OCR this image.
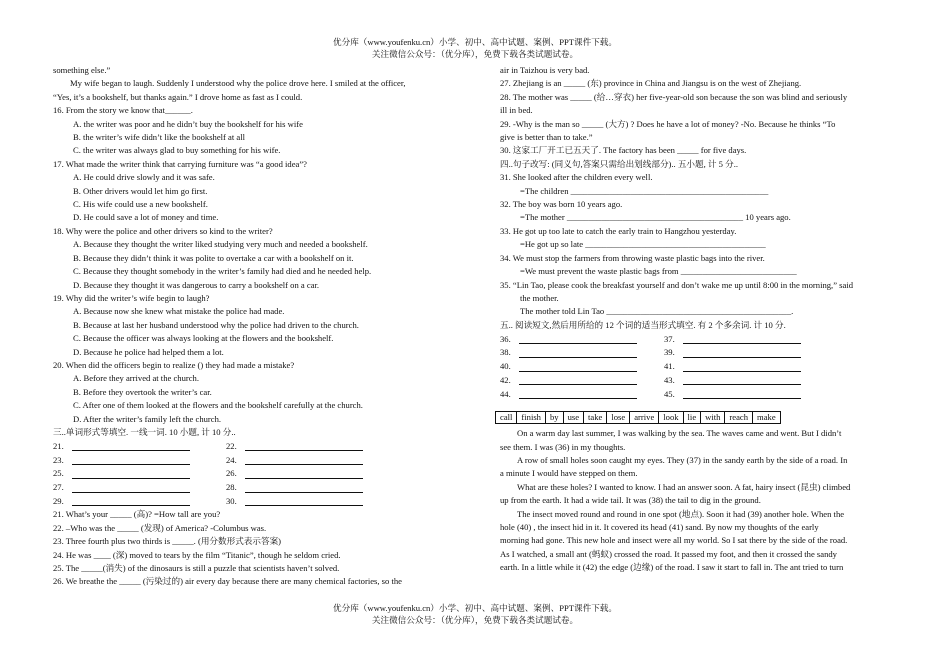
优分库（www.youfenku.cn）小学、初中、高中试题、案例、PPT课件下载。
关注微信公众号：（优分库），免费下载各类试题试卷。
something else.”
My wife began to laugh. Suddenly I understood why the police drove here. I smiled at the officer,
“Yes, it’s a bookshelf, but thanks again.” I drove home as fast as I could.
16. From the story we know that______.
A. the writer was poor and he didn’t buy the bookshelf for his wife
B. the writer’s wife didn’t like the bookshelf at all
C. the writer was always glad to buy something for his wife.
17. What made the writer think that carrying furniture was “a good idea”?
A. He could drive slowly and it was safe.
B. Other drivers would let him go first.
C. His wife could use a new bookshelf.
D. He could save a lot of money and time.
18. Why were the police and other drivers so kind to the writer?
A. Because they thought the writer liked studying very much and needed a bookshelf.
B. Because they didn’t think it was polite to overtake a car with a bookshelf on it.
C. Because they thought somebody in the writer’s family had died and he needed help.
D. Because they thought it was dangerous to carry a bookshelf on a car.
19. Why did the writer’s wife begin to laugh?
A. Because now she knew what mistake the police had made.
B. Because at last her husband understood why the police had driven to the church.
C. Because the officer was always looking at the flowers and the bookshelf.
D. Because he police had helped them a lot.
20. When did the officers begin to realize () they had made a mistake?
A. Before they arrived at the church.
B. Before they overtook the writer’s car.
C. After one of them looked at the flowers and the bookshelf carefully at the church.
D. After the writer’s family left the church.
三..单词形式等填空. 一线一词. 10 小题, 计 10 分..
21.	22.
23.	24.
25.	26.
27.	28.
29.	30.
21. What’s your _____ (高)? =How tall are you?
22. –Who was the _____ (发现) of America? -Columbus was.
23. Three fourth plus two thirds is _____. (用分数形式表示答案)
24. He was ____ (深) moved to tears by the film “Titanic”, though he seldom cried.
25. The _____(消失) of the dinosaurs is still a puzzle that scientists haven’t solved.
26. We breathe the _____ (污染过的) air every day because there are many chemical factories, so the
air in Taizhou is very bad.
27. Zhejiang is an _____ (东) province in China and Jiangsu is on the west of Zhejiang.
28. The mother was _____ (给…穿衣) her five-year-old son because the son was blind and seriously
ill in bed.
29. -Why is the man so _____ (大方) ? Does he have a lot of money? -No. Because he thinks “To
give is better than to take.”
30. 这家工厂开工已五天了. The factory has been _____ for five days.
四..句子改写: (同义句,答案只需给出划线部分).. 五小题, 计 5 分..
31. She looked after the children every well.
=The children ______________________________________________
32. The boy was born 10 years ago.
=The mother _________________________________________ 10 years ago.
33. He got up too late to catch the early train to Hangzhou yesterday.
=He got up so late __________________________________________
34. We must stop the farmers from throwing waste plastic bags into the river.
=We must prevent the waste plastic bags from ___________________________
35. “Lin Tao, please cook the breakfast yourself and don’t wake me up until 8:00 in the morning,” said
the mother.
The mother told Lin Tao ___________________________________________.
五.. 阅读短文,然后用所给的 12 个词的适当形式填空. 有 2 个多余词. 计 10 分.
36.	37.
38.	39.
40.	41.
42.	43.
44.	45.
call	finish	by	use	take	lose	arrive	look	lie	with	reach	make
On a warm day last summer, I was walking by the sea. The waves came and went. But I didn’t
see them. I was (36) in my thoughts.
A row of small holes soon caught my eyes. They (37) in the sandy earth by the side of a road. In
a minute I would have stepped on them.
What are these holes? I wanted to know. I had an answer soon. A fat, hairy insect (昆虫) climbed
up from the earth. It had a wide tail. It was (38) the tail to dig in the ground.
The insect moved round and round in one spot (地点). Soon it had (39) another hole. When the
hole (40) , the insect hid in it. It covered its head (41) sand. By now my thoughts of the early
morning had gone. This new hole and insect were all my world. So I sat there by the side of the road.
As I watched, a small ant (蚂蚁) crossed the road. It passed my foot, and then it crossed the sandy
earth. In a little while it (42) the edge (边缘) of the road. I saw it start to fall in. The ant tried to turn
优分库（www.youfenku.cn）小学、初中、高中试题、案例、PPT课件下载。
关注微信公众号：（优分库），免费下载各类试题试卷。
